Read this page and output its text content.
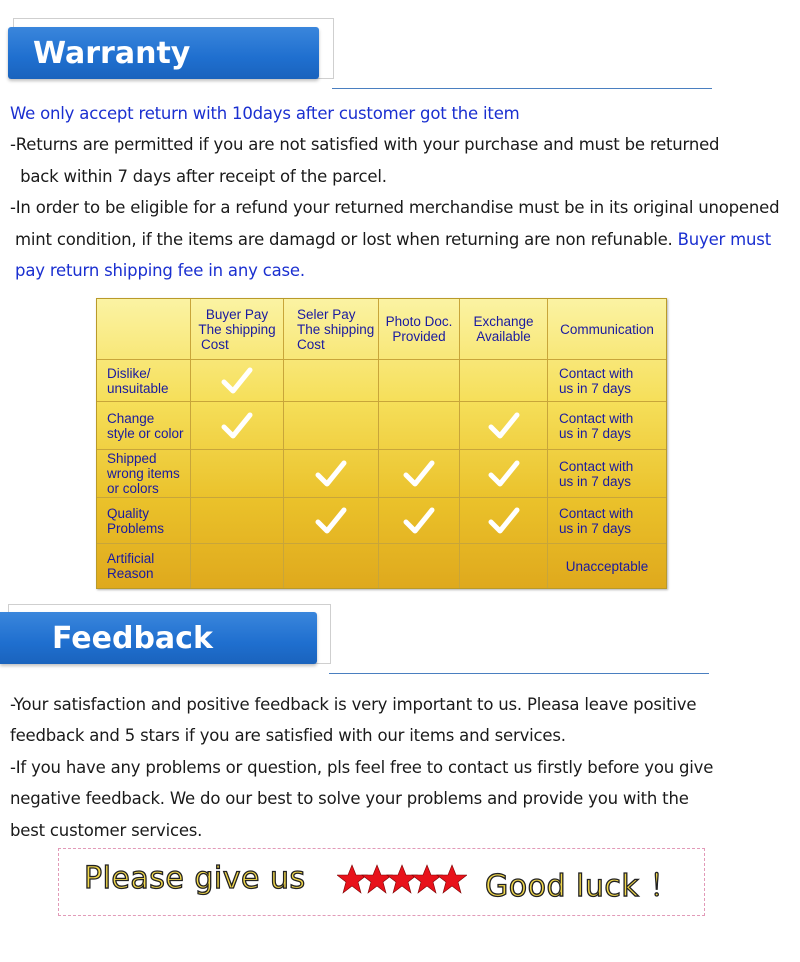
Warranty
We only accept return with 10days after customer got the item
-Returns are permitted if you are not satisfied with your purchase and must be returned
back within 7 days after receipt of the parcel.
-In order to be eligible for a refund your returned merchandise must be in its original unopened
mint condition, if the items are damagd or lost when returning are non refunable. Buyer must
pay return shipping fee in any case.
	Buyer Pay
The shipping

Cost	Seler Pay
The shipping
Cost	Photo Doc.
Provided	Exchange
Available	Communication
Dislike/
unsuitable					Contact with
us in 7 days
Change
style or color					Contact with
us in 7 days
Shipped
wrong items
or colors					Contact with
us in 7 days
Quality
Problems					Contact with
us in 7 days
Artificial
Reason					Unacceptable
Feedback
-Your satisfaction and positive feedback is very important to us. Pleasa leave positive
feedback and 5 stars if you are satisfied with our items and services.
-If you have any problems or question, pls feel free to contact us firstly before you give
negative feedback. We do our best to solve your problems and provide you with the
best customer services.
Please give us	Good luck ！
